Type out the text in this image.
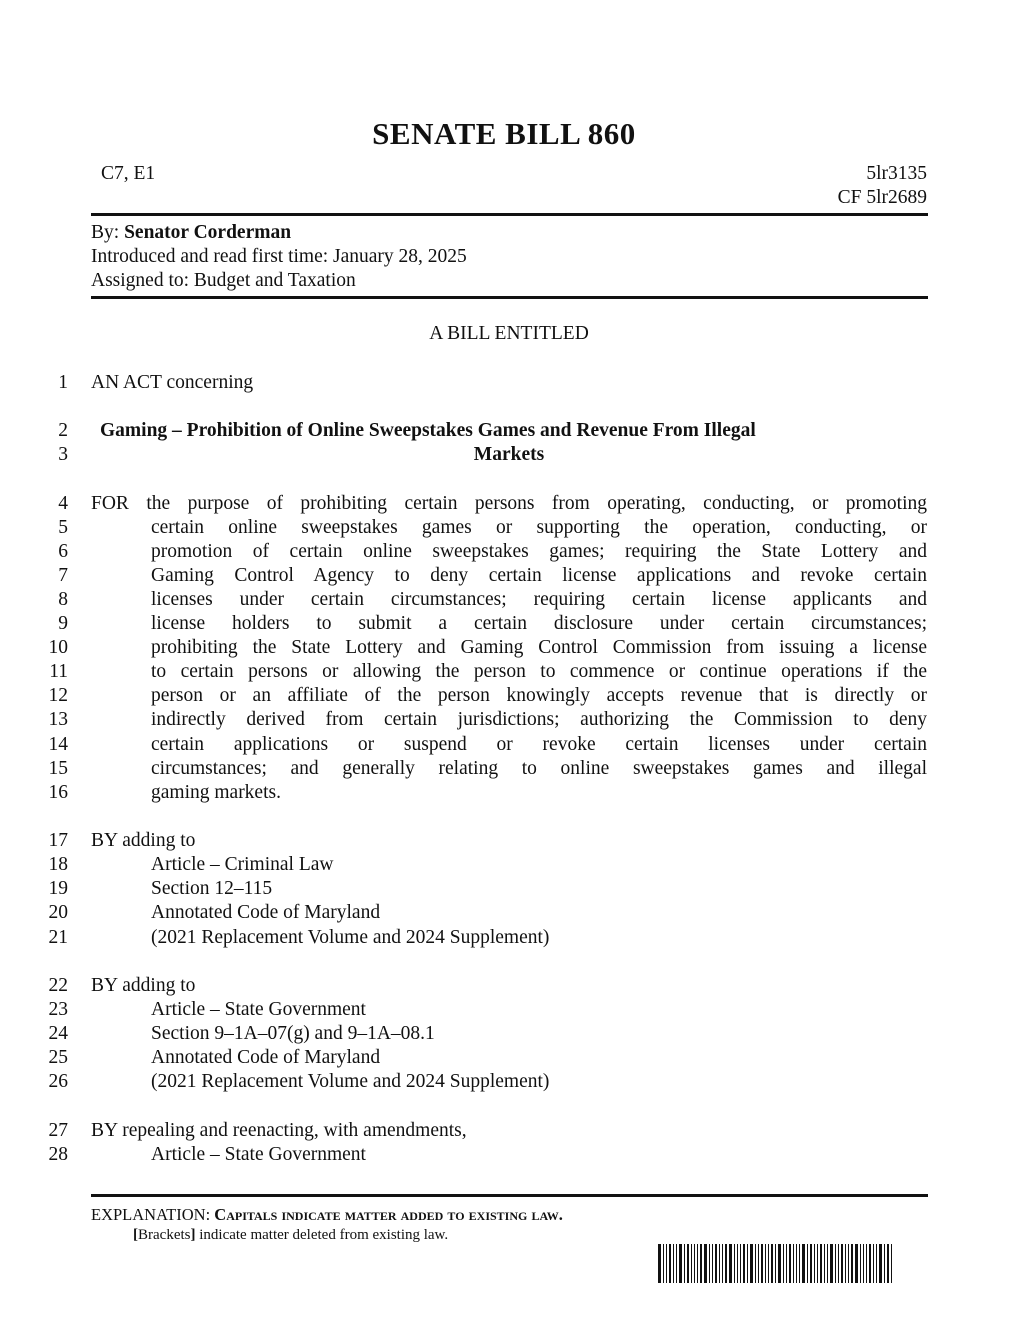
SENATE BILL 860
C7, E1	5lr3135
CF 5lr2689
By: Senator Corderman
Introduced and read first time: January 28, 2025
Assigned to: Budget and Taxation
A BILL ENTITLED
1
2
3
4
5
6
7
8
9
10
11
12
13
14
15
16
17
18
19
20
21
22
23
24
25
26
27
28
AN ACT concerning
Gaming – Prohibition of Online Sweepstakes Games and Revenue From Illegal
Markets
FOR the purpose of prohibiting certain persons from operating, conducting, or promoting
certain online sweepstakes games or supporting the operation, conducting, or
promotion of certain online sweepstakes games; requiring the State Lottery and
Gaming Control Agency to deny certain license applications and revoke certain
licenses under certain circumstances; requiring certain license applicants and
license holders to submit a certain disclosure under certain circumstances;
prohibiting the State Lottery and Gaming Control Commission from issuing a license
to certain persons or allowing the person to commence or continue operations if the
person or an affiliate of the person knowingly accepts revenue that is directly or
indirectly derived from certain jurisdictions; authorizing the Commission to deny
certain applications or suspend or revoke certain licenses under certain
circumstances; and generally relating to online sweepstakes games and illegal
gaming markets.
BY adding to
Article – Criminal Law
Section 12–115
Annotated Code of Maryland
(2021 Replacement Volume and 2024 Supplement)
BY adding to
Article – State Government
Section 9–1A–07(g) and 9–1A–08.1
Annotated Code of Maryland
(2021 Replacement Volume and 2024 Supplement)
BY repealing and reenacting, with amendments,
Article – State Government
EXPLANATION: Capitals indicate matter added to existing law.
[Brackets] indicate matter deleted from existing law.
